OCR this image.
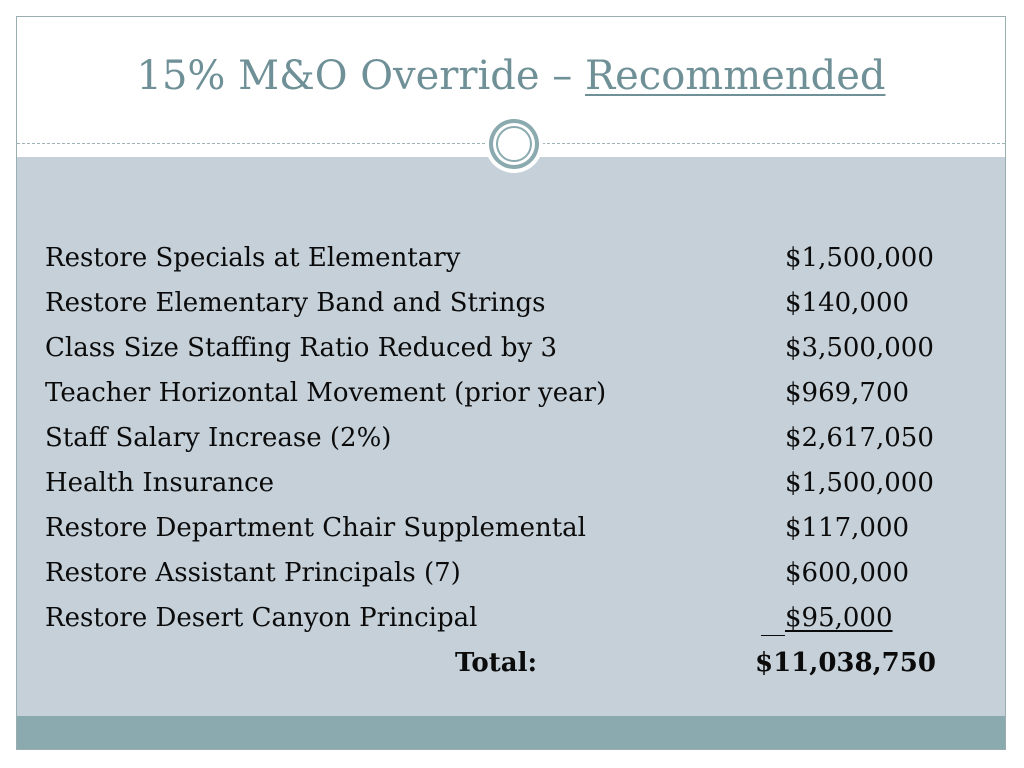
15% M&O Override – Recommended
Restore Specials at Elementary	$1,500,000
Restore Elementary Band and Strings	$140,000
Class Size Staffing Ratio Reduced by 3	$3,500,000
Teacher Horizontal Movement (prior year)	$969,700
Staff Salary Increase (2%)	$2,617,050
Health Insurance	$1,500,000
Restore Department Chair Supplemental	$117,000
Restore Assistant Principals (7)	$600,000
Restore Desert Canyon Principal	$95,000
Total:	$11,038,750
